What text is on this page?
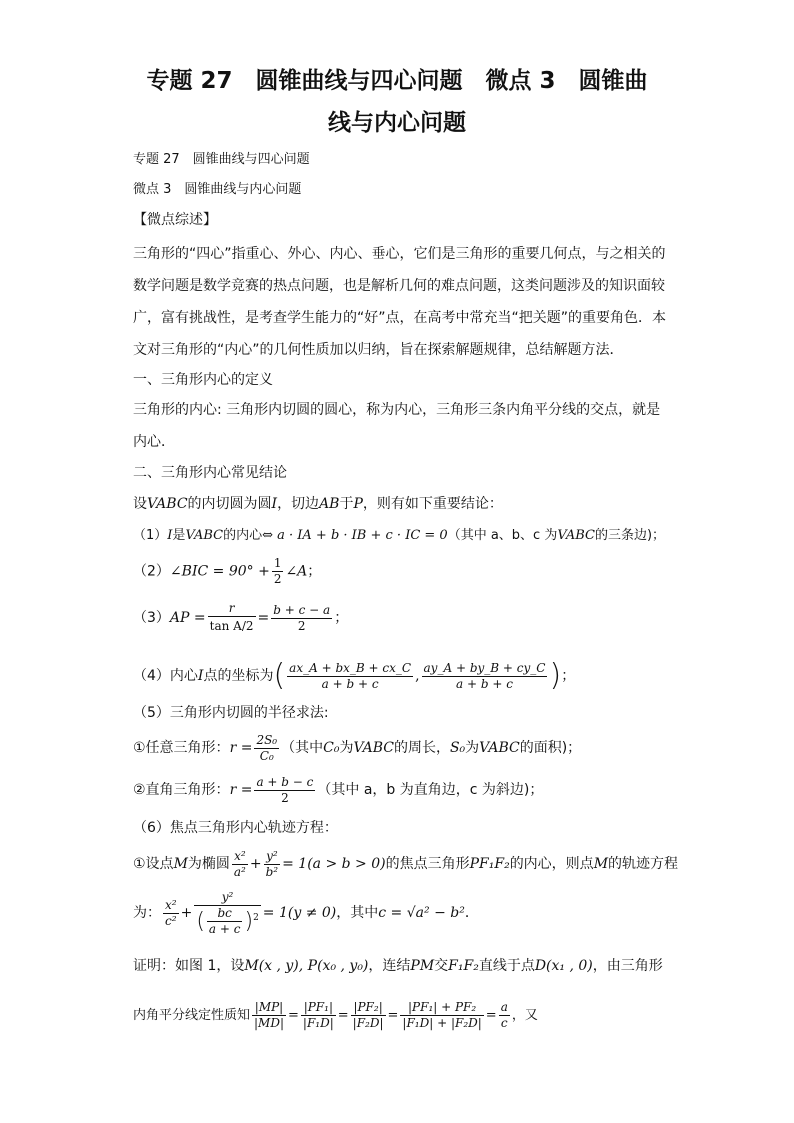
专题 27　圆锥曲线与四心问题　微点 3　圆锥曲
线与内心问题
专题 27　圆锥曲线与四心问题
微点 3　圆锥曲线与内心问题
【微点综述】
三角形的“四心”指重心、外心、内心、垂心，它们是三角形的重要几何点，与之相关的
数学问题是数学竞赛的热点问题，也是解析几何的难点问题，这类问题涉及的知识面较
广，富有挑战性，是考查学生能力的“好”点，在高考中常充当“把关题”的重要角色．本
文对三角形的“内心”的几何性质加以归纳，旨在探索解题规律，总结解题方法．
一、三角形内心的定义
三角形的内心: 三角形内切圆的圆心，称为内心，三角形三条内角平分线的交点，就是
内心．
二、三角形内心常见结论
设VABC的内切圆为圆I，切边AB于P，则有如下重要结论：
（1）I是VABC的内心⇔ a · IA + b · IB + c · IC = 0（其中 a、b、c 为VABC的三条边)；
（2）∠BIC = $90^\circ + \frac{1}{2}$ ∠A；
$(3)AP = \frac{r}{\text{tan A/2}} = \frac{b + c - a}{2}$ ；
（4）内心I点的坐标为( $\frac{ax\_A + bx\_B + cx\_C}{a + b + c}$ , $\frac{ay\_A + by\_B + cy\_C}{a + b + c}$ )；
（5）三角形内切圆的半径求法:
①任意三角形：$r = \frac{\text{2S₀}}{\text{C₀}}$ （其中C₀为VABC的周长，S₀为VABC的面积)；
②直角三角形：$r = \frac{a + b - c}{2}$ （其中 a，b 为直角边，c 为斜边)；
（6）焦点三角形内心轨迹方程：
①设点M为椭圆 $\frac{\text{x²}}{\text{a²}} + \frac{\text{y²}}{\text{b²}} = 1(a > b > 0)$的焦点三角形PF₁F₂的内心，则点M的轨迹方程
为： $\frac{\text{x²}}{\text{c²}} + \frac{\text{y²}}{( \frac{bc}{a + c} )^2} = 1(y \ne 0)$，其中c = √a² − b²．
证明：如图 1，设M(x , y), P(x₀ , y₀)，连结PM交F₁F₂直线于点D(x₁ , 0)，由三角形
内角平分线定性质知 $\frac{|MP|}{|MD|} = \frac{\text{|PF₁|}}{\text{|F₁D|}} = \frac{\text{|PF₂|}}{\text{|F₂D|}} = \frac{\text{|PF₁| + PF₂}}{\text{|F₁D| + |F₂D|}} = \frac{a}{c}$ ，又
